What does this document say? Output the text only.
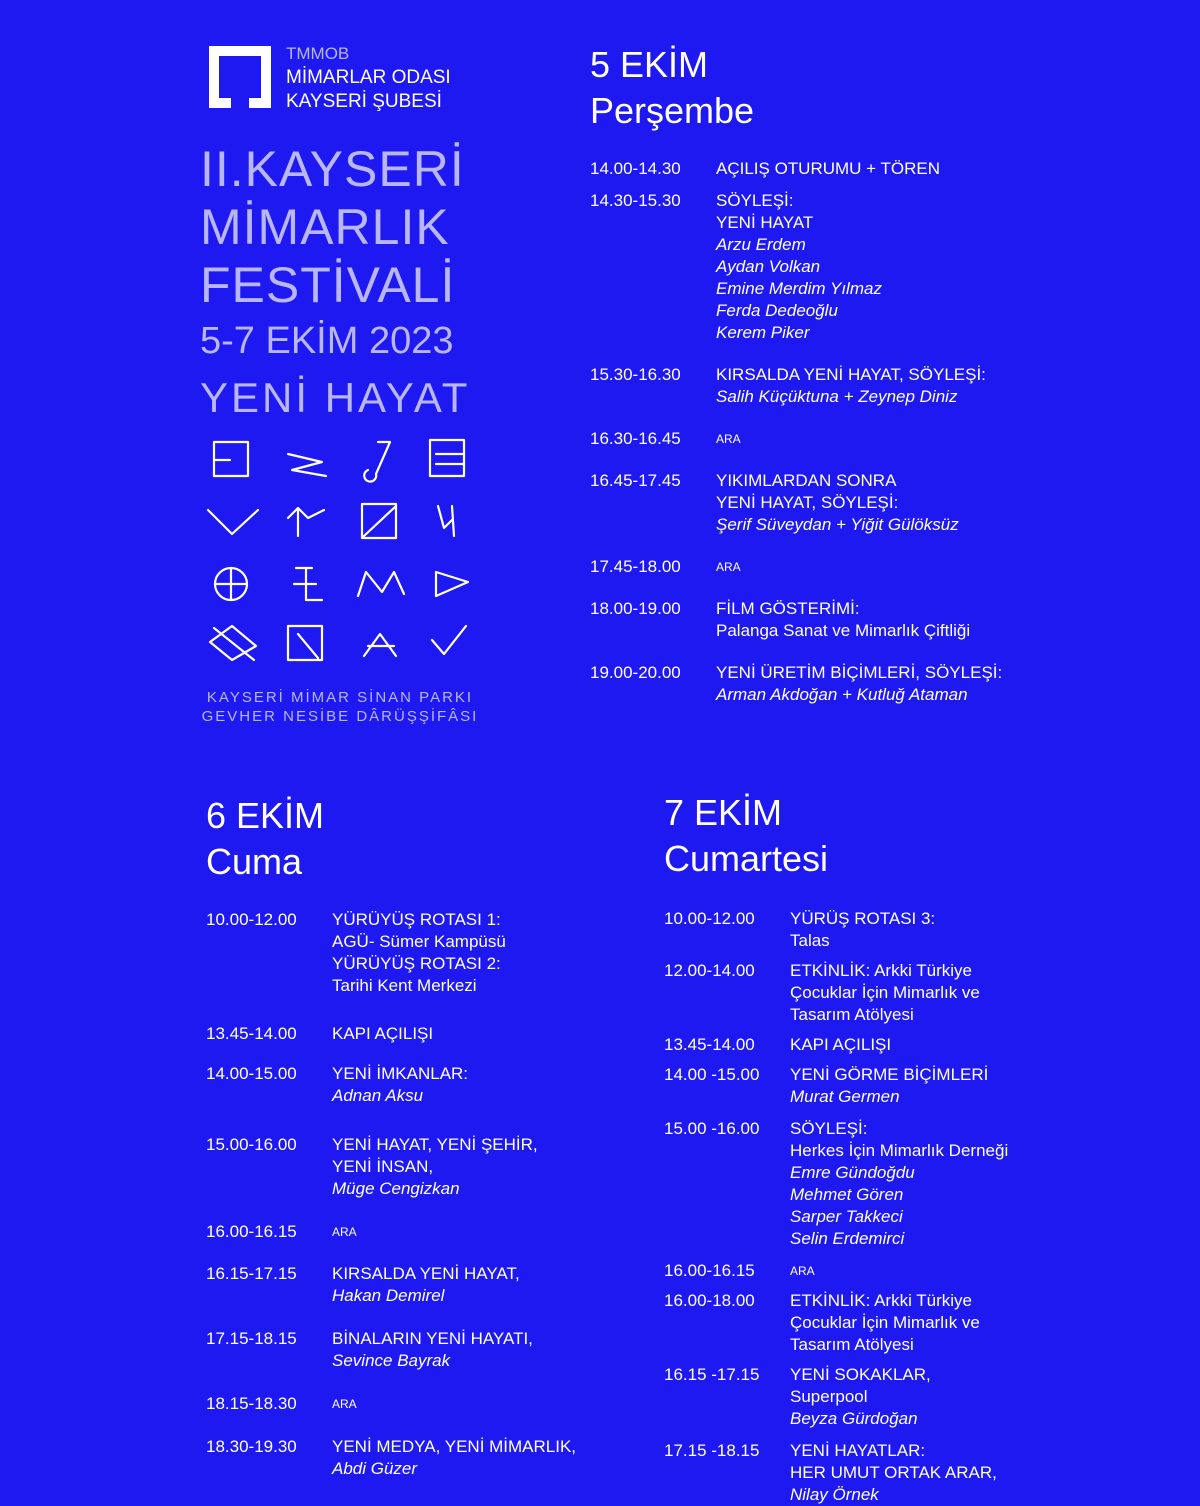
TMMOB
MİMARLAR ODASI
KAYSERİ ŞUBESİ
II.KAYSERİ
MİMARLIK
FESTİVALİ
5-7 EKİM 2023
YENİ HAYAT
KAYSERİ MİMAR SİNAN PARKI
GEVHER NESİBE DÂRÜŞŞİFÂSI
5 EKİM
Perşembe
14.00-14.30	AÇILIŞ OTURUMU + TÖREN
14.30-15.30	SÖYLEŞİ:
YENİ HAYAT
Arzu Erdem
Aydan Volkan
Emine Merdim Yılmaz
Ferda Dedeoğlu
Kerem Piker
15.30-16.30	KIRSALDA YENİ HAYAT, SÖYLEŞİ:
Salih Küçüktuna + Zeynep Diniz
16.30-16.45	ARA
16.45-17.45	YIKIMLARDAN SONRA
YENİ HAYAT, SÖYLEŞİ:
Şerif Süveydan + Yiğit Gülöksüz
17.45-18.00	ARA
18.00-19.00	FİLM GÖSTERİMİ:
Palanga Sanat ve Mimarlık Çiftliği
19.00-20.00	YENİ ÜRETİM BİÇİMLERİ, SÖYLEŞİ:
Arman Akdoğan + Kutluğ Ataman
6 EKİM
Cuma
10.00-12.00	YÜRÜYÜŞ ROTASI 1:
AGÜ- Sümer Kampüsü
YÜRÜYÜŞ ROTASI 2:
Tarihi Kent Merkezi
13.45-14.00	KAPI AÇILIŞI
14.00-15.00	YENİ İMKANLAR:
Adnan Aksu
15.00-16.00	YENİ HAYAT, YENİ ŞEHİR,
YENİ İNSAN,
Müge Cengizkan
16.00-16.15	ARA
16.15-17.15	KIRSALDA YENİ HAYAT,
Hakan Demirel
17.15-18.15	BİNALARIN YENİ HAYATI,
Sevince Bayrak
18.15-18.30	ARA
18.30-19.30	YENİ MEDYA, YENİ MİMARLIK,
Abdi Güzer
7 EKİM
Cumartesi
10.00-12.00	YÜRÜŞ ROTASI 3:
Talas
12.00-14.00	ETKİNLİK: Arkki Türkiye
Çocuklar İçin Mimarlık ve
Tasarım Atölyesi
13.45-14.00	KAPI AÇILIŞI
14.00 -15.00	YENİ GÖRME BİÇİMLERİ
Murat Germen
15.00 -16.00	SÖYLEŞİ:
Herkes İçin Mimarlık Derneği
Emre Gündoğdu
Mehmet Gören
Sarper Takkeci
Selin Erdemirci
16.00-16.15	ARA
16.00-18.00	ETKİNLİK: Arkki Türkiye
Çocuklar İçin Mimarlık ve
Tasarım Atölyesi
16.15 -17.15	YENİ SOKAKLAR,
Superpool
Beyza Gürdoğan
17.15 -18.15	YENİ HAYATLAR:
HER UMUT ORTAK ARAR,
Nilay Örnek
